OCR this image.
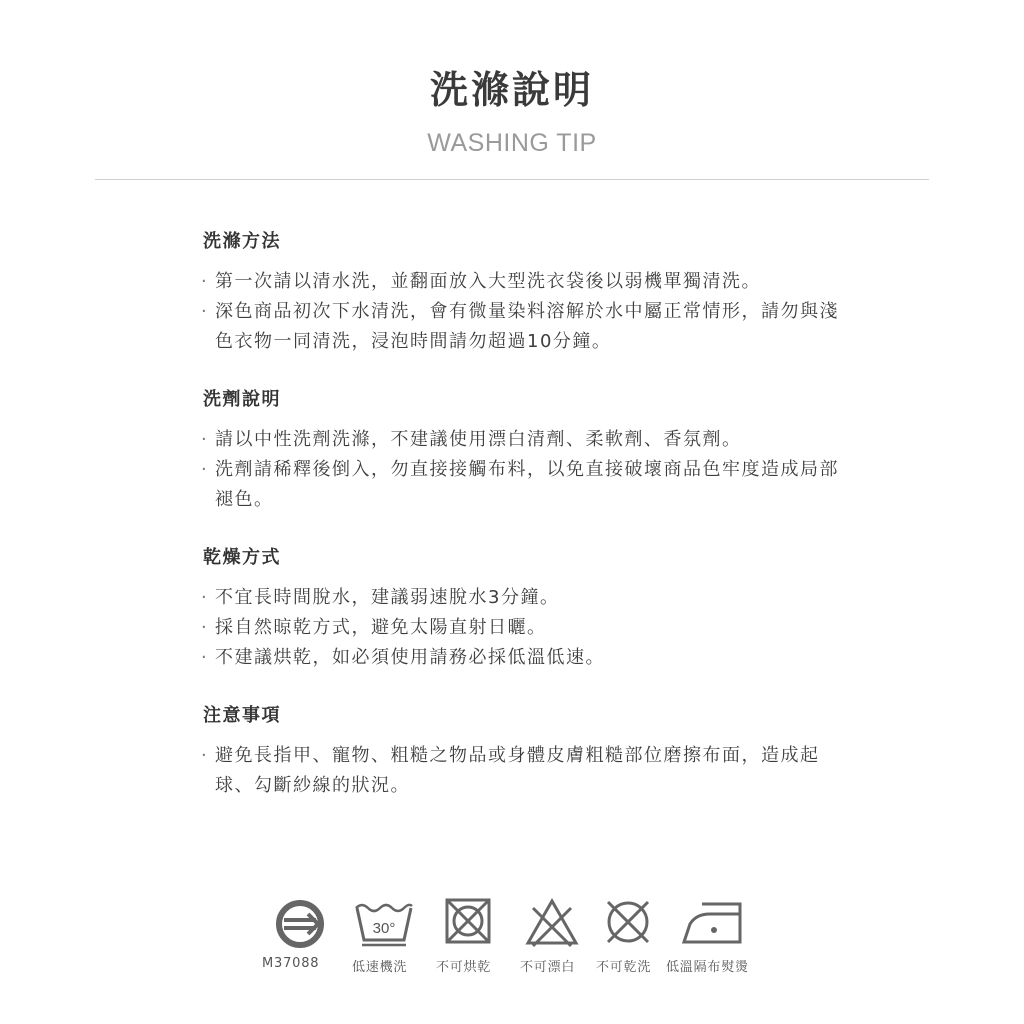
洗滌說明
WASHING TIP
洗滌方法
· 第一次請以清水洗，並翻面放入大型洗衣袋後以弱機單獨清洗。
· 深色商品初次下水清洗，會有微量染料溶解於水中屬正常情形，請勿與淺色衣物一同清洗，浸泡時間請勿超過10分鐘。
洗劑說明
· 請以中性洗劑洗滌，不建議使用漂白清劑、柔軟劑、香氛劑。
· 洗劑請稀釋後倒入，勿直接接觸布料，以免直接破壞商品色牢度造成局部褪色。
乾燥方式
· 不宜長時間脫水，建議弱速脫水3分鐘。
· 採自然晾乾方式，避免太陽直射日曬。
· 不建議烘乾，如必須使用請務必採低溫低速。
注意事項
· 避免長指甲、寵物、粗糙之物品或身體皮膚粗糙部位磨擦布面，造成起球、勾斷紗線的狀況。
M37088
30°
低速機洗 不可烘乾 不可漂白 不可乾洗 低溫隔布熨燙
